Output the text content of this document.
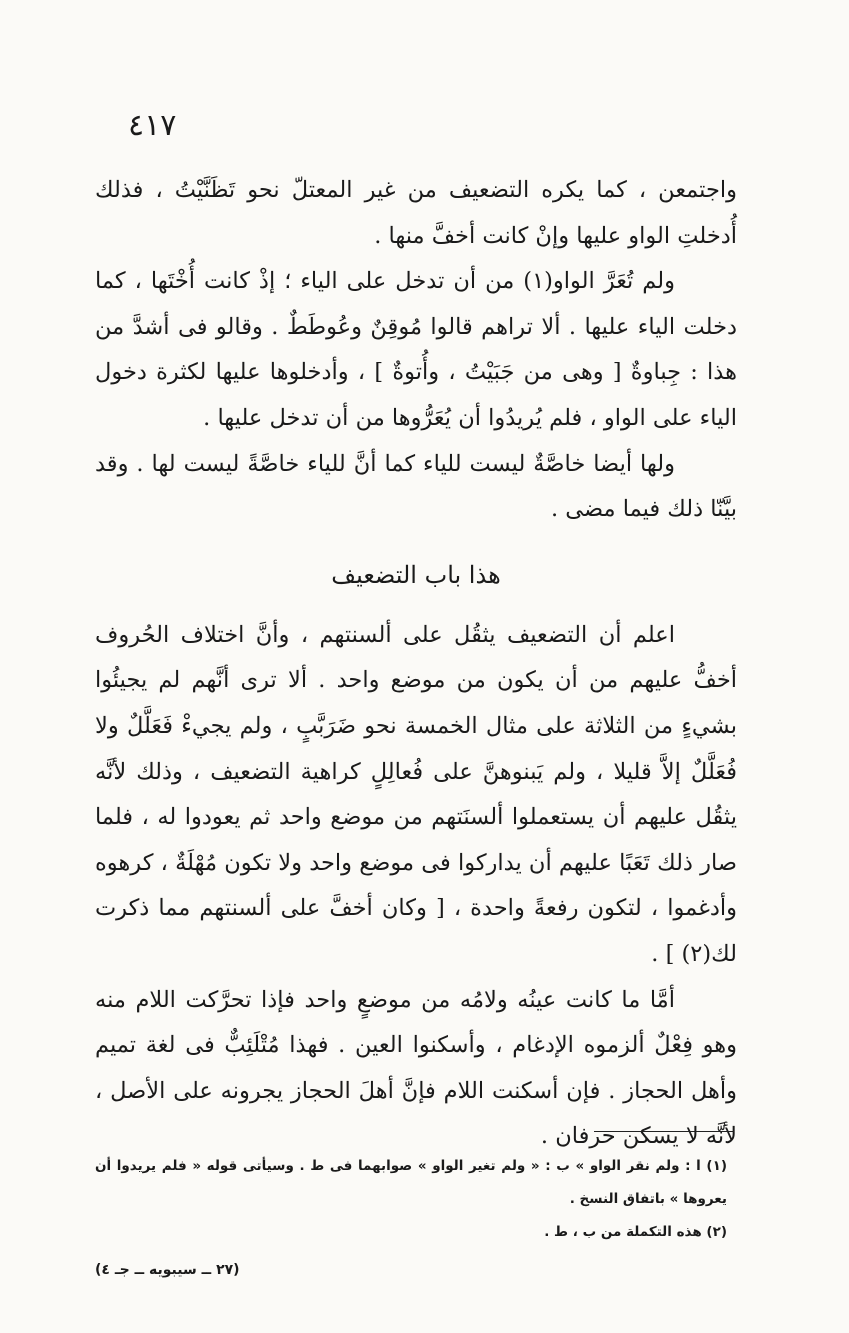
٤١٧

واجتمعن ، كما يكره التضعيف من غير المعتلّ نحو تَظَنَّيْتُ ، فذلك أُدخلتِ الواو عليها وإنْ كانت أخفَّ منها .

ولم تُعَرَّ الواو(١) من أن تدخل على الياء ؛ إذْ كانت أُخْتَها ، كما دخلت الياء عليها . ألا تراهم قالوا مُوقِنٌ وعُوطَطٌ . وقالو فى أشدَّ من هذا : جِباوةٌ [ وهى من جَبَيْتُ ، وأُتوةٌ ] ، وأدخلوها عليها لكثرة دخول الياء على الواو ، فلم يُريدُوا أن يُعَرُّوها من أن تدخل عليها .

ولها أيضا خاصَّةٌ ليست للياء كما أنَّ للياء خاصَّةً ليست لها . وقد بيَّنّا ذلك فيما مضى .

هذا باب التضعيف

اعلم أن التضعيف يثقُل على ألسنتهم ، وأنَّ اختلاف الحُروف أخفُّ عليهم من أن يكون من موضع واحد . ألا ترى أنَّهم لم يجيئُوا بشيءٍ من الثلاثة على مثال الخمسة نحو ضَرَبَّبٍ ، ولم يجيءْ فَعَلَّلٌ ولا فُعَلَّلٌ إلاَّ قليلا ، ولم يَبنوهنَّ على فُعالِلٍ كراهية التضعيف ، وذلك لأنَّه يثقُل عليهم أن يستعملوا ألسنَتهم من موضع واحد ثم يعودوا له ، فلما صار ذلك تَعَبًا عليهم أن يداركوا فى موضع واحد ولا تكون مُهْلَةٌ ، كرهوه وأدغموا ، لتكون رفعةً واحدة ، [ وكان أخفَّ على ألسنتهم مما ذكرت لك(٢) ] .

أمَّا ما كانت عينُه ولامُه من موضعٍ واحد فإذا تحرَّكت اللام منه وهو فِعْلٌ ألزموه الإدغام ، وأسكنوا العين . فهذا مُتْلَئِبٌّ فى لغة تميم وأهل الحجاز . فإن أسكنت اللام فإنَّ أهلَ الحجاز يجرونه على الأصل ، لأنَّه لا يسكن حرفان .

(١) ا : ولم نقر الواو » ب : « ولم تغير الواو » صوابهما فى ط . وسيأتى قوله « فلم يريدوا أن يعروها » باتفاق النسخ .

(٢) هذه التكملة من ب ، ط .

(٢٧ ــ سيبويه ــ جـ ٤)
